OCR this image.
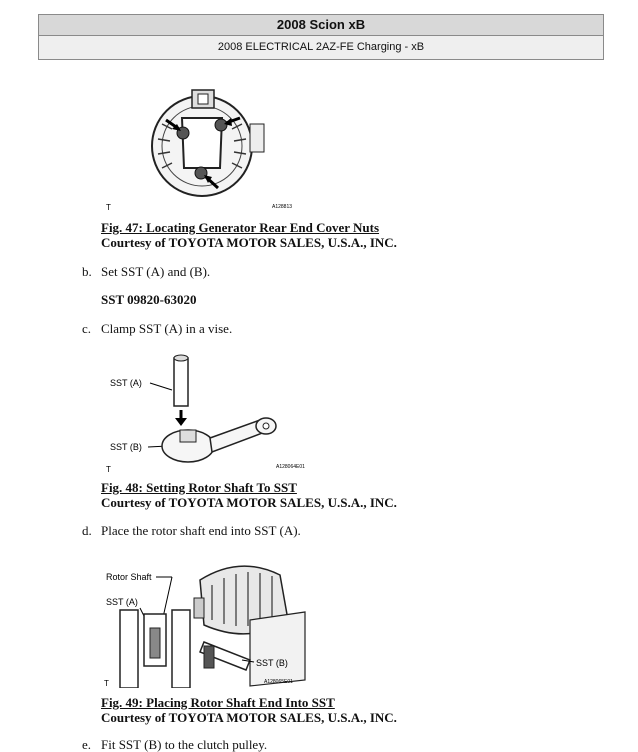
2008 Scion xB
2008 ELECTRICAL 2AZ-FE Charging - xB
T	A128813
Fig. 47: Locating Generator Rear End Cover Nuts
Courtesy of TOYOTA MOTOR SALES, U.S.A., INC.
b. Set SST (A) and (B).
SST 09820-63020
c. Clamp SST (A) in a vise.
SST (A)
SST (B)
T	A128064E01
Fig. 48: Setting Rotor Shaft To SST
Courtesy of TOYOTA MOTOR SALES, U.S.A., INC.
d. Place the rotor shaft end into SST (A).
Rotor Shaft
SST (A)
SST (B)
T	A128065E01
Fig. 49: Placing Rotor Shaft End Into SST
Courtesy of TOYOTA MOTOR SALES, U.S.A., INC.
e. Fit SST (B) to the clutch pulley.
